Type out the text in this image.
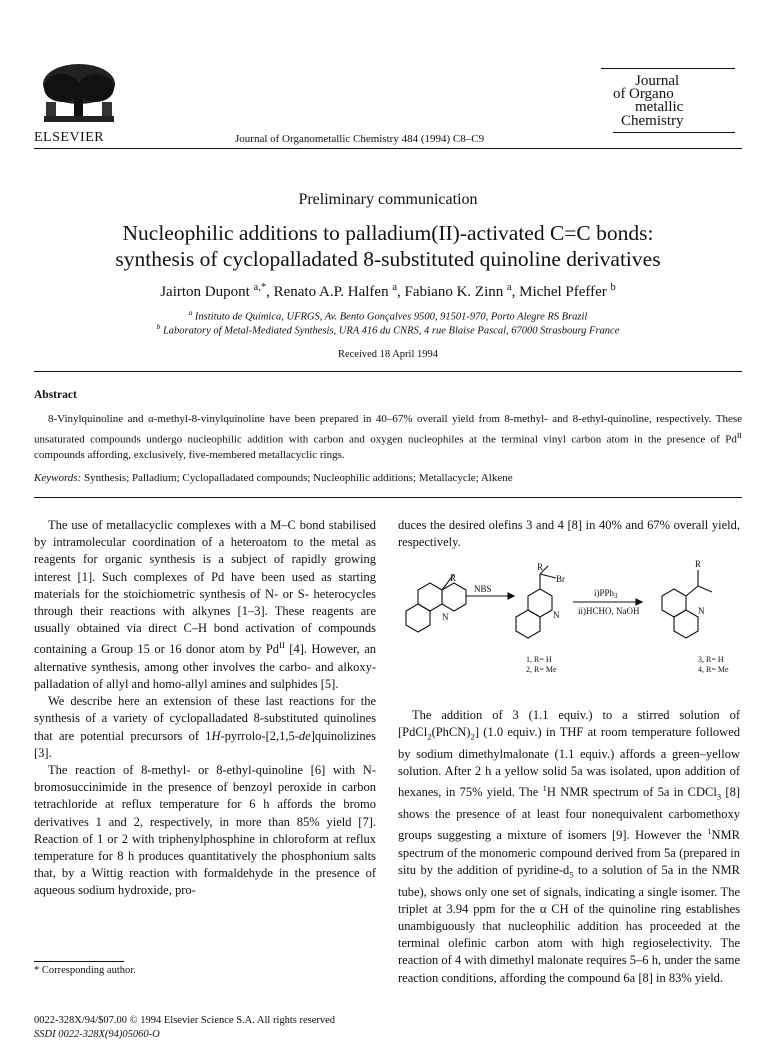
ELSEVIER	Journal of Organometallic Chemistry 484 (1994) C8–C9
Journal
of Organo
metallic
Chemistry
Preliminary communication
Nucleophilic additions to palladium(II)-activated C=C bonds:
synthesis of cyclopalladated 8-substituted quinoline derivatives
Jairton Dupont $^{a,*}$, Renato A.P. Halfen $^a$, Fabiano K. Zinn $^a$, Michel Pfeffer $^b$
$^a$ Instituto de Química, UFRGS, Av. Bento Gonçalves 9500, 91501-970, Porto Alegre RS Brazil
$^b$ Laboratory of Metal-Mediated Synthesis, URA 416 du CNRS, 4 rue Blaise Pascal, 67000 Strasbourg France
Received 18 April 1994
Abstract
8-Vinylquinoline and α-methyl-8-vinylquinoline have been prepared in 40–67% overall yield from 8-methyl- and 8-ethyl-quinoline, respectively. These unsaturated compounds undergo nucleophilic addition with carbon and oxygen nucleophiles at the terminal vinyl carbon atom in the presence of $Pd^{II}$ compounds affording, exclusively, five-membered metallacyclic rings.
Keywords: Synthesis; Palladium; Cyclopalladated compounds; Nucleophilic additions; Metallacycle; Alkene

The use of metallacyclic complexes with a M–C bond stabilised by intramolecular coordination of a heteroatom to the metal as reagents for organic synthesis is a subject of rapidly growing interest [1]. Such complexes of Pd have been used as starting materials for the stoichiometric synthesis of N- or S- heterocycles through their reactions with alkynes [1–3]. These reagents are usually obtained via direct C–H bond activation of compounds containing a Group 15 or 16 donor atom by $Pd^{II}$ [4]. However, an alternative synthesis, among other involves the carbo- and alkoxy-palladation of allyl and homo-allyl amines and sulphides [5].

We describe here an extension of these last reactions for the synthesis of a variety of cyclopalladated 8-substituted quinolines that are potential precursors of 1H-pyrrolo-[2,1,5-de]quinolizines [3].

The reaction of 8-methyl- or 8-ethyl-quinoline [6] with N-bromosuccinimide in the presence of benzoyl peroxide in carbon tetrachloride at reflux temperature for 6 h affords the bromo derivatives 1 and 2, respectively, in more than 85% yield [7]. Reaction of 1 or 2 with triphenylphosphine in chloroform at reflux temperature for 8 h produces quantitatively the phosphonium salts that, by a Wittig reaction with formaldehyde in the presence of aqueous sodium hydroxide, pro-

duces the desired olefins 3 and 4 [8] in 40% and 67% overall yield, respectively.

R
N
R
Br
N
R
N
NBS	i)PPh$_3$
ii)HCHO, NaOH
1, R= H
2, R= Me
3, R= H
4, R= Me

The addition of 3 (1.1 equiv.) to a stirred solution of $[PdCl_2(PhCN)_2]$ (1.0 equiv.) in THF at room temperature followed by sodium dimethylmalonate (1.1 equiv.) affords a green–yellow solution. After 2 h a yellow solid 5a was isolated, upon addition of hexanes, in 75% yield. The $^1$H NMR spectrum of 5a in CDCl$_3$ [8] shows the presence of at least four nonequivalent carbomethoxy groups suggesting a mixture of isomers [9]. However the $^1$NMR spectrum of the monomeric compound derived from 5a (prepared in situ by the addition of pyridine-$d_5$ to a solution of 5a in the NMR tube), shows only one set of signals, indicating a single isomer. The triplet at 3.94 ppm for the α CH of the quinoline ring establishes unambiguously that nucleophilic addition has proceeded at the terminal olefinic carbon atom with high regioselectivity. The reaction of 4 with dimethyl malonate requires 5–6 h, under the same reaction conditions, affording the compound 6a [8] in 83% yield.

* Corresponding author.
0022-328X/94/$07.00 © 1994 Elsevier Science S.A. All rights reserved
SSDI 0022-328X(94)05060-O
